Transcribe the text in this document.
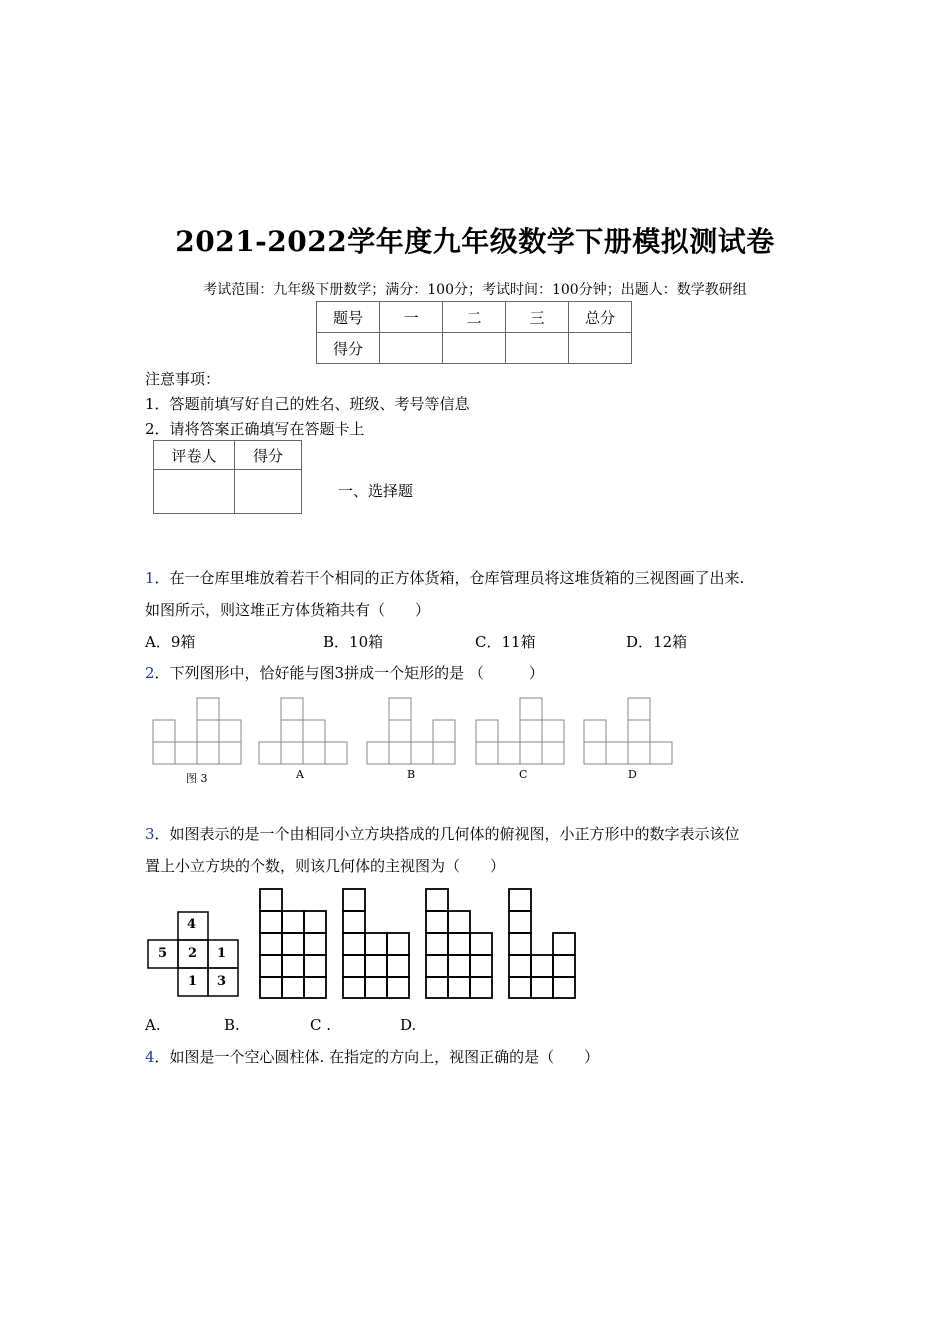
2021-2022学年度九年级数学下册模拟测试卷
考试范围：九年级下册数学；满分：100分；考试时间：100分钟；出题人：数学教研组
题号	一	二	三	总分
得分				
注意事项：
1．答题前填写好自己的姓名、班级、考号等信息
2．请将答案正确填写在答题卡上
评卷人	得分

一、选择题
1．在一仓库里堆放着若干个相同的正方体货箱，仓库管理员将这堆货箱的三视图画了出来.
如图所示，则这堆正方体货箱共有（　　）
A．9箱	B．10箱	C．11箱	D．12箱
2．下列图形中，恰好能与图3拼成一个矩形的是 （　　　）
图 3	A	B	C	D
3．如图表示的是一个由相同小立方块搭成的几何体的俯视图，小正方形中的数字表示该位
置上小立方块的个数，则该几何体的主视图为（　　）
4
5 2 1
1 3
A.	B.	C .	D.
4．如图是一个空心圆柱体. 在指定的方向上，视图正确的是（　　）
